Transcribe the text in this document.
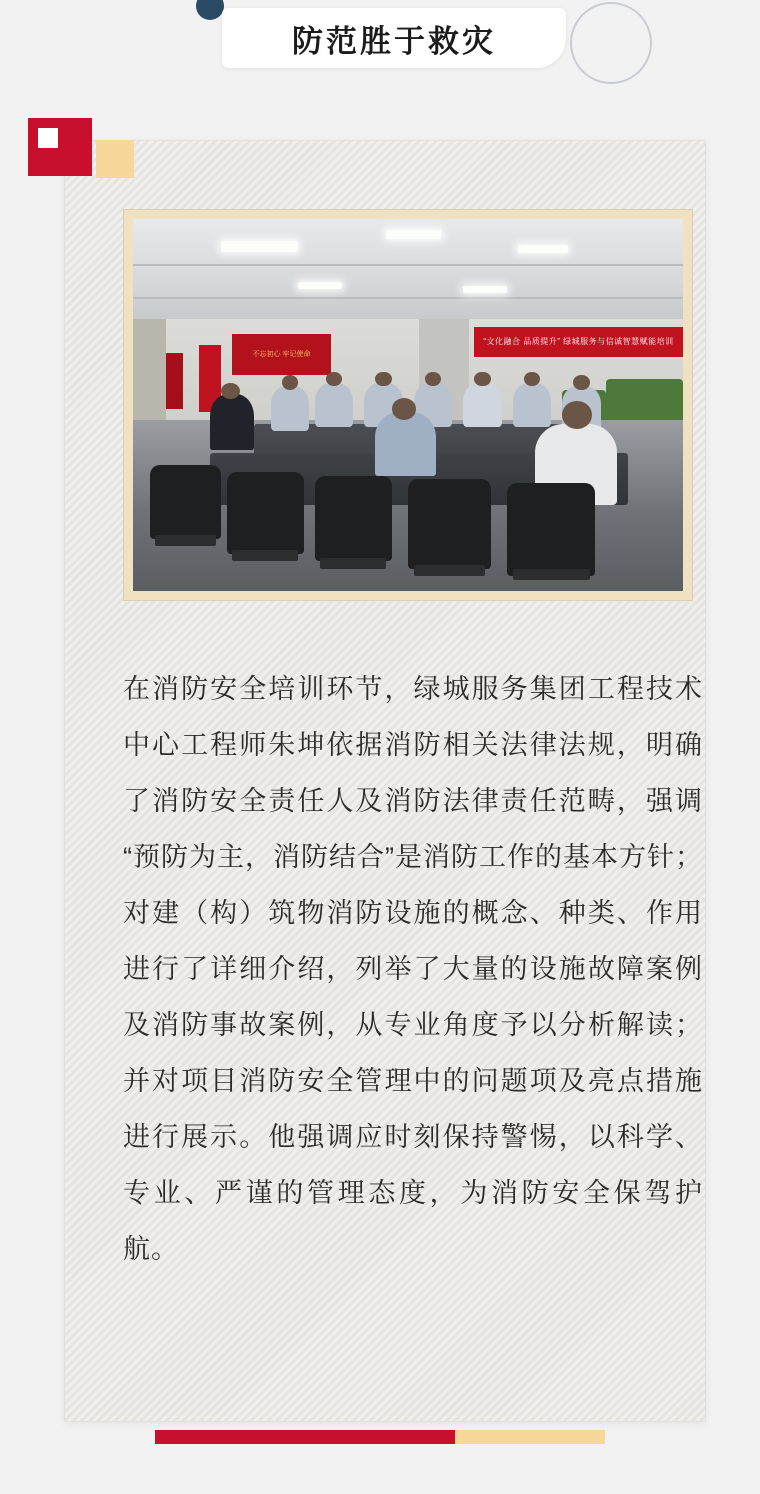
防范胜于救灾
“文化融合 品质提升” 绿城服务与信诚智慧赋能培训
不忘初心 牢记使命
在消防安全培训环节，绿城服务集团工程技术中心工程师朱坤依据消防相关法律法规，明确了消防安全责任人及消防法律责任范畴，强调“预防为主，消防结合”是消防工作的基本方针；对建（构）筑物消防设施的概念、种类、作用进行了详细介绍，列举了大量的设施故障案例及消防事故案例，从专业角度予以分析解读；并对项目消防安全管理中的问题项及亮点措施进行展示。他强调应时刻保持警惕，以科学、专业、严谨的管理态度，为消防安全保驾护航。
